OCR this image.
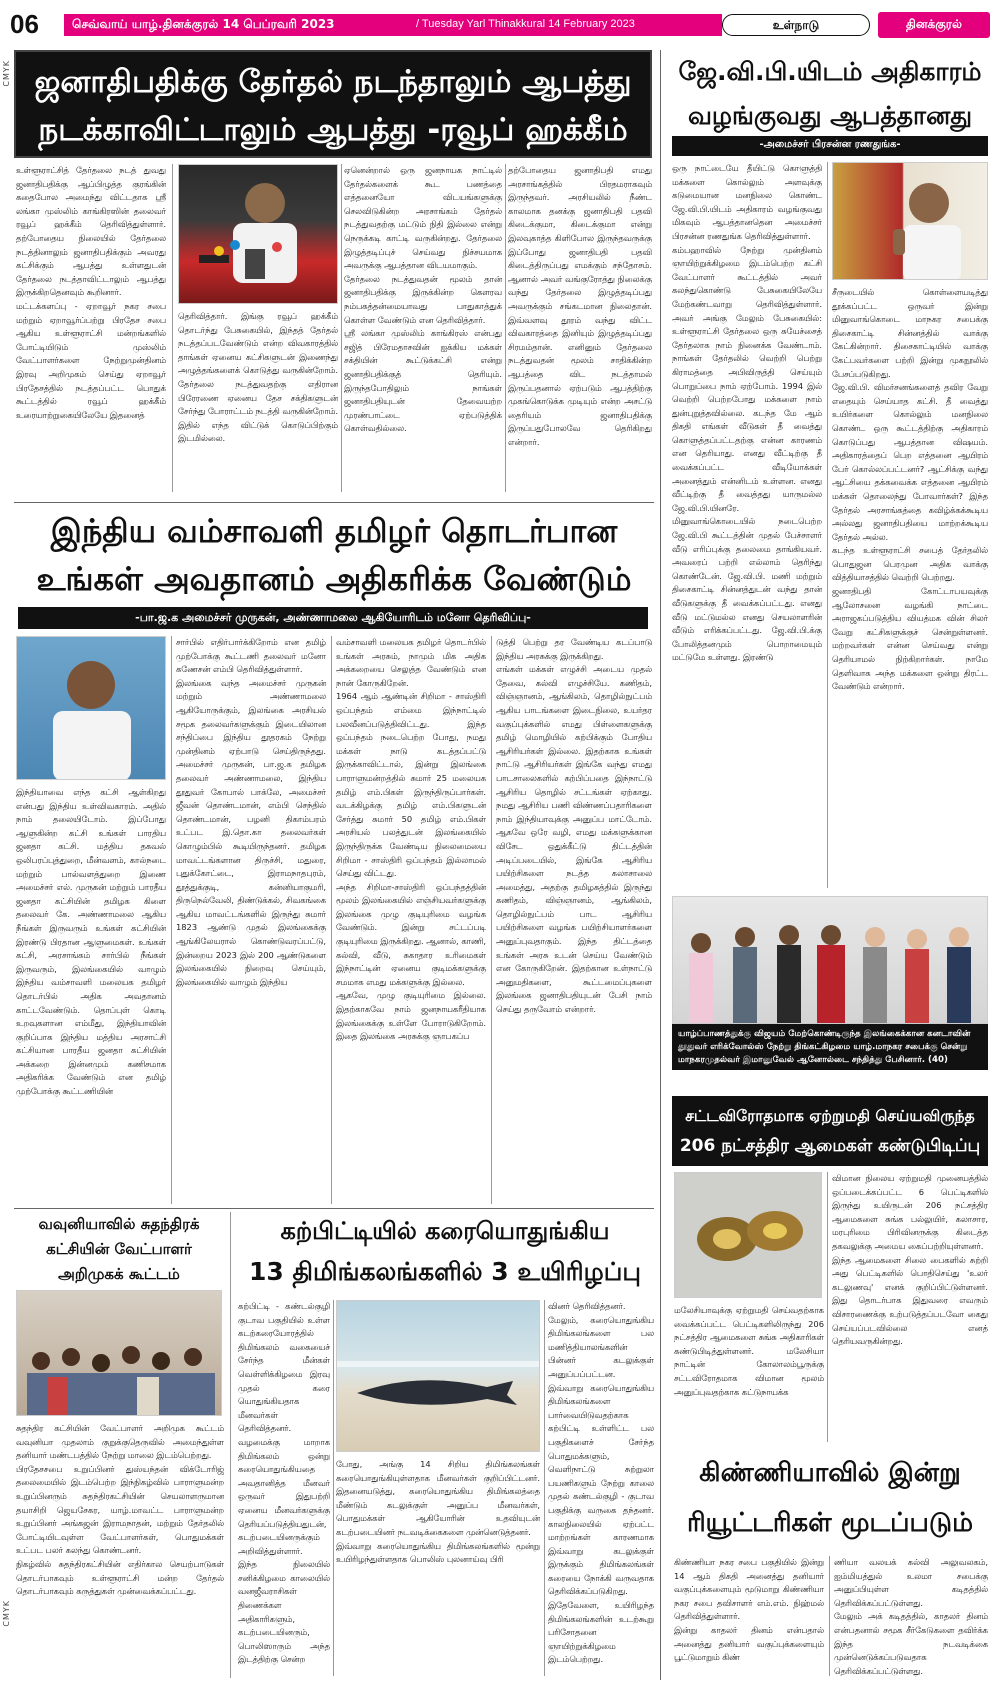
06	செவ்வாய் யாழ்.தினக்குரல் 14 பெப்ரவரி 2023	/ Tuesday Yarl Thinakkural 14 February 2023	உள்நாடு	தினக்குரல்
CMYK
CMYK
ஜனாதிபதிக்கு தேர்தல் நடந்தாலும் ஆபத்து
நடக்காவிட்டாலும் ஆபத்து -ரவூப் ஹக்கீம்
உள்ளூராட்சித் தேர்தலை நடத் துவது ஜனாதிபதிக்கு ஆப்பிழுத்த குரங்கின் கதைபோல அமைந்து விட்டதாக ஸ்ரீ லங்கா முஸ்லிம் காங்கிரஸின் தலைவர் ரவூப் ஹக்கீம் தெரிவித்துள்ளார். தற்போதைய நிலையில் தேர்தலை நடத்தினாலும் ஜனாதிபதிக்கும் அவரது கட்சிக்கும் ஆபத்து உள்ளதுடன் தேர்தலை நடத்தாவிட்டாலும் ஆபத்து இருக்கிறதெனவும் கூறினார்.
மட்டக்களப்பு - ஏறாவூர் நகர சபை மற்றும் ஏறாவூர்ப்பற்று பிரதேச சபை ஆகிய உள்ளூராட்சி மன்றங்களில் போட்டியிடும் முஸ்லிம் வேட்பாளர்களை நேற்றுமுன்தினம் இரவு அறிமுகம் செய்து ஏறாவூர் பிரதேசத்தில் நடத்தப்பட்ட பொதுக் கூட்டத்தில் ரவூப் ஹக்கீம் உரையாற்றுகையிலேயே இதனைத்
தெரிவித்தார். இங்கு ரவூப் ஹக்கீம் தொடர்ந்து பேசுகையில், இந்தத் தேர்தல் நடத்தப்படவேண்டும் என்ற விவகாரத்தில் தாங்கள் ஏனைய கட்சிகளுடன் இணைந்து அழுத்தங்களைக் கொடுத்து வருகின்றோம். தேர்தலை நடத்துவதற்கு எதிரான பிரேரணை ஏனைய தேச சக்திகளுடன் சேர்ந்து போராட்டம் நடத்தி வருகின்றோம். இதில் எந்த விட்டுக் கொடுப்பிற்கும் இடமில்லை.
ஏனென்றால் ஒரு ஜனநாயக நாட்டில் தேர்தல்களைக் கூட பணத்தை எத்தனையோ விடயங்களுக்கு செலவிடுகின்ற அரசாங்கம் தேர்தல் நடத்துவதற்கு மட்டும் நிதி இல்லை என்று நெருக்கடி காட்டி வருகின்றது. தேர்தலை இழுத்தடிப்புச் செய்வது நிச்சயமாக அவருக்கு ஆபத்தான விடயமாகும்.
தேர்தலை நடத்துவதன் மூலம் தான் ஜனாதிபதிக்கு இருக்கின்ற கௌரவ நம்பகத்தன்மையாவது பாதுகாத்துக் கொள்ள வேண்டும் என தெரிவித்தார்.
ஸ்ரீ லங்கா முஸ்லிம் காங்கிரஸ் என்பது சஜித் பிரேமதாசவின் ஐக்கிய மக்கள் சக்தியின் கூட்டுக்கட்சி என்று ஜனாதிபதிக்குத் தெரியும். இருந்தபோதிலும் நாங்கள் ஜனாதிபதியுடன் தேவையற்ற முரண்பாட்டை ஏற்படுத்திக் கொள்வதில்லை.
தற்போதைய ஜனாதிபதி எமது அரசாங்கத்தில் பிரதமராகவும் இருந்தவர். அரசியலில் நீண்ட காலமாக தனக்கு ஜனாதிபதி பதவி கிடைக்குமா, கிடைக்குமா என்று இலவுகாத்த கிளிபோல இருந்தவருக்கு இப்போது ஜனாதிபதி பதவி கிடைத்திருப்பது எமக்கும் சந்தோசம். ஆனால் அவர் வங்குரோத்து நிலைக்கு வந்து தேர்தலை இழுத்தடிப்பது அவருக்கும் சங்கடமான நிலைதான். இவ்வளவு தூரம் வந்து விட்ட விவகாரத்தை இனியும் இழுத்தடிப்பது சிரமம்தான். எனினும் தேர்தலை நடத்துவதன் மூலம் சாதிக்கின்ற ஆபத்தை விட நடத்தாமல் இருப்பதனால் ஏற்படும் ஆபத்திற்கு முகங்கொடுக்க முடியும் என்ற அசட்டு தைரியம் ஜனாதிபதிக்கு இருப்பதுபோலவே தெரிகிறது என்றார்.
ஜே.வி.பி.யிடம் அதிகாரம்
வழங்குவது ஆபத்தானது
-அமைச்சர் பிரசன்ன ரணதுங்க-
ஒரு நாட்டையே தீயிட்டு கொளுத்தி மக்களை கொல்லும் அளவுக்கு கடுமையான மனநிலை கொண்ட ஜே.வி.பி.யிடம் அதிகாரம் வழங்குவது மிகவும் ஆபத்தானதென அமைச்சர் பிரசன்ன ரணதுங்க தெரிவித்துள்ளார்.
கம்பஹாவில் நேற்று முன்தினம் ஞாயிற்றுக்கிழமை இடம்பெற்ற கட்சி வேட்பாளர் கூட்டத்தில் அவர் கலந்துகொண்டு பேசுகையிலேயே மேற்கண்டவாறு தெரிவித்துள்ளார். அவர் அங்கு மேலும் பேசுகையில்: உள்ளூராட்சி தேர்தலை ஒரு சுயேச்சைத் தேர்தலாக நாம் நினைக்க வேண்டாம். நாங்கள் தேர்தலில் வெற்றி பெற்று கிராமத்தை அபிவிருத்தி செய்யும் பொறுப்பை நாம் ஏற்போம். 1994 இல் வெற்றி பெற்றபோது மக்களை நாம் துன்புறுத்தவில்லை. கடந்த மே ஆம் திகதி எங்கள் வீடுகள் தீ வைத்து கொளுத்தப்பட்டதற்கு என்ன காரணம் என தெரியாது. எனது வீட்டிற்கு தீ வைக்கப்பட்ட வீடியோக்கள் அனைத்தும் என்னிடம் உள்ளன. எனது வீட்டிற்கு தீ வைத்தது யாருமல்ல ஜே.வி.பி.யினரே. மினுவாங்கொடையில் நடைபெற்ற ஜே.வி.பி கூட்டத்தின் முதல் பேச்சாளர் வீடு எரிப்புக்கு தலைமை தாங்கியவர். அவரைப் பற்றி எல்லாம் தெரிந்து கொண்டேன். ஜே.வி.பி. மணி மற்றும் திசைகாட்டி சின்னத்துடன் வந்து தான் வீடுகளுக்கு தீ வைக்கப்பட்டது. எனது வீடு மட்டுமல்ல எனது செயலாளரின் வீடும் எரிக்கப்பட்டது. ஜே.வி.பி.க்கு போலித்தனமும் பொறாமையும் மட்டுமே உள்ளது. இரண்டு
சீருடையில் கொள்ளையடித்து தூக்கப்பட்ட ஒருவர் இன்று மினுவாங்கொடை மாநகர சபைக்கு திசைகாட்டி சின்னத்தில் வாக்கு கேட்கின்றார். திசைகாட்டியில் வாக்கு கேட்பவர்களை பற்றி இன்று முகநூலில் பேசப்படுகிறது.
ஜே.வி.பி. விமர்சனங்களைத் தவிர வேறு எதையும் செய்யாத கட்சி. தீ வைத்து உயிர்களை கொல்லும் மனநிலை கொண்ட ஒரு கூட்டத்திற்கு அதிகாரம் கொடுப்பது ஆபத்தான விஷயம். அதிகாரத்தைப் பெற எத்தனை ஆயிரம் பேர் கொல்லப்பட்டனர்? ஆட்சிக்கு வந்து ஆட்சியை தக்கவைக்க எத்தனை ஆயிரம் மக்கள் தொலைந்து போவார்கள்? இந்த தேர்தல் அரசாங்கத்தை கவிழ்க்கக்கூடிய அல்லது ஜனாதிபதியை மாற்றக்கூடிய தேர்தல் அல்ல.
கடந்த உள்ளூராட்சி சபைத் தேர்தலில் பொதுஜன பெரமுன அதிக வாக்கு வித்தியாசத்தில் வெற்றி பெற்றது.
ஜனாதிபதி கோட்டாபயவுக்கு ஆலோசனை வழங்கி நாட்டை அராஜகப்படுத்திய வியத்மக வின் சிலர் வேறு கட்சிகளுக்குச் சென்றுள்ளனர். மற்றவர்கள் என்ன செய்வது என்று தெரியாமல் நிற்கிறார்கள். நாமே தெளிவாக அந்த மக்களை ஒன்று திரட்ட வேண்டும் என்றார்.
இந்திய வம்சாவளி தமிழர் தொடர்பான
உங்கள் அவதானம் அதிகரிக்க வேண்டும்
-பா.ஜ.க அமைச்சர் முருகன், அண்ணாமலை ஆகியோரிடம் மனோ தெரிவிப்பு-
இந்தியாவை எந்த கட்சி ஆள்கிறது என்பது இந்திய உள்விவகாரம். அதில் நாம் தலையிடோம். இப்போது ஆளுகின்ற கட்சி உங்கள் பாரதிய ஜனதா கட்சி. மத்திய தகவல் ஒலிபரப்புத்துறை, மீன்வளம், கால்நடை மற்றும் பால்வளத்துறை இணை அமைச்சர் எல். முருகன் மற்றும் பாரதீய ஜனதா கட்சியின் தமிழக கிளை தலைவர் கே. அண்ணாமலை ஆகிய நீங்கள் இருவரும் உங்கள் கட்சியின் இரண்டு பிரதான ஆளுமைகள். உங்கள் கட்சி, அரசாங்கம் சார்பில் நீங்கள் இருவரும், இலங்கையில் வாழும் இந்திய வம்சாவளி மலையக தமிழர் தொடர்பில் அதிக அவதானம் காட்டவேண்டும். தொப்புள் கொடி உறவுகளான எம்மீது, இந்தியாவின் குறிப்பாக இந்திய மத்திய அரசாட்சி கட்சியான பாரதீய ஜனதா கட்சியின் அக்கறை இன்னமும் கணிசமாக அதிகரிக்க வேண்டும் என தமிழ் முற்போக்கு கூட்டணியின்
சார்பில் எதிர்பார்க்கிறோம் என தமிழ் முற்போக்கு கூட்டணி தலைவர் மனோ கணேசன் எம்பி தெரிவித்துள்ளார்.
இலங்கை வந்த அமைச்சர் முருகன் மற்றும் அண்ணாமலை ஆகியோருக்கும், இலங்கை அரசியல் சமூக தலைவர்களுக்கும் இடையிலான சந்திப்பை இந்திய தூதரகம் நேற்று முன்தினம் ஏற்பாடு செய்திருந்தது. அமைச்சர் முருகன், பா.ஜ.க தமிழக தலைவர் அண்ணாமலை, இந்திய தூதுவர் கோபால் பாக்லே, அமைச்சர் ஜீவன் தொண்டமான், எம்பி செந்தில் தொண்டமான், பழனி திகாம்பரம் உட்பட இ.தொ.கா தலைவர்கள் கொழும்பில் கூடியிருந்தனர். தமிழக மாவட்டங்களான திருச்சி, மதுரை, புதுக்கோட்டை, இராமநாதபுரம், தூத்துக்குடி, கன்னியாகுமரி, திருநெல்வேலி, திண்டுக்கல், சிவகங்கை ஆகிய மாவட்டங்களில் இருந்து சுமார் 1823 ஆண்டு முதல் இலங்கைக்கு ஆங்கிலேயரால் கொண்டுவரப்பட்டு, இன்றைய 2023 இல் 200 ஆண்டுகளை இலங்கையில் நிறைவு செய்யும், இலங்கையில் வாழும் இந்திய
வம்சாவளி மலையக தமிழர் தொடர்பில் உங்கள் அரசும், நாமும் மிக அதிக அக்கறையை செலுத்த வேண்டும் என நான் கோருகிறேன்.
1964 ஆம் ஆண்டின் சிறிமா - சாஸ்திரி ஒப்பந்தம் எம்மை இந்நாட்டில் பலவீனப்படுத்திவிட்டது. இந்த ஒப்பந்தம் நடைபெற்ற போது, நமது மக்கள் நாடு கடத்தப்பட்டு இருக்காவிட்டால், இன்று இலங்கை பாராளுமன்றத்தில் சுமார் 25 மலையக தமிழ் எம்.பிகள் இருந்திருப்பார்கள். வடக்கிழக்கு தமிழ் எம்.பிகளுடன் சேர்த்து சுமார் 50 தமிழ் எம்.பிகள் அரசியல் பலத்துடன் இலங்கையில் இருந்திருக்க வேண்டிய நிலைமையை சிறிமா - சாஸ்திரி ஒப்பந்தம் இல்லாமல் செய்து விட்டது.
அந்த சிறிமா-சாஸ்திரி ஒப்பந்தத்தின் மூலம் இலங்கையில் எஞ்சியவர்களுக்கு இலங்கை முழு குடியுரிமை வழங்க வேண்டும். இன்று சட்டப்படி குடியுரிமை இருக்கிறது. ஆனால், காணி, கல்வி, வீடு, சுகாதார உரிமைகள் இந்நாட்டின் ஏனைய குடிமக்களுக்கு சமமாக எமது மக்களுக்கு இல்லை.
ஆகவே, முழு குடியுரிமை இல்லை. இதற்காகவே நாம் ஜனநாயகரீதியாக இலங்கைக்கு உள்ளே போராடுகிறோம். இதை இலங்கை அரசுக்கு ஞாபகப்ப
டுத்தி பெற்று தர வேண்டிய கடப்பாடு இந்திய அரசுக்கு இருக்கிறது.
எங்கள் மக்கள் எழுச்சி அடைய முதல் தேவை, கல்வி எழுச்சியே. கணிதம், விஞ்ஞானம், ஆங்கிலம், தொழில்நுட்பம் ஆகிய பாடங்களை இடைநிலை, உயர்தர வகுப்புக்களில் எமது பிள்ளைகளுக்கு தமிழ் மொழியில் கற்பிக்கும் போதிய ஆசிரியர்கள் இல்லை. இதற்காக உங்கள் நாட்டு ஆசிரியர்கள் இங்கே வந்து எமது பாடசாலைகளில் கற்பிப்பதை இந்நாட்டு ஆசிரிய தொழில் சட்டங்கள் ஏற்காது. நமது ஆசிரிய பணி விண்ணப்பதாரிகளை நாம் இந்தியாவுக்கு அனுப்ப மாட்டோம். ஆகவே ஒரே வழி, எமது மக்களுக்கான விசேட ஒதுக்கீட்டு திட்டத்தின் அடிப்படையில், இங்கே ஆசிரிய பயிற்சிகளை நடத்த கலாசாலை அமைத்து, அதற்கு தமிழகத்தில் இருந்து கணிதம், விஞ்ஞானம், ஆங்கிலம், தொழில்நுட்பம் பாட ஆசிரிய பயிற்சிகளை வழங்க பயிற்சியாளர்களை அனுப்புவதாகும். இந்த திட்டத்தை உங்கள் அரசு உடன் செய்ய வேண்டும் என கோருகிறேன். இதற்கான உள்நாட்டு அனுமதிகளை, கூட்டமைப்புகளை இலங்கை ஜனாதிபதியுடன் பேசி நாம் செய்து தருவோம் என்றார்.
யாழ்ப்பாணத்துக்கு விஜயம் மேற்கொண்டிருந்த இலங்கைக்கான கனடாவின் தூதுவர் எரிக்வோல்ஸ் நேற்று திங்கட்கிழமை யாழ்.மாநகர சபைக்கு சென்று மாநகரமுதல்வர் இமானுவேல் ஆனோல்டை சந்தித்து பேசினார். (40)
சட்டவிரோதமாக ஏற்றுமதி செய்யவிருந்த
206 நட்சத்திர ஆமைகள் கண்டுபிடிப்பு
மலேசியாவுக்கு ஏற்றுமதி செய்வதற்காக வைக்கப்பட்ட பெட்டிகளிலிருந்து 206 நட்சத்திர ஆமைகளை சுங்க அதிகாரிகள் கண்டுபிடித்துள்ளனர். மலேசியா நாட்டின் கோலாலம்பூருக்கு சட்டவிரோதமாக விமான மூலம் அனுப்புவதற்காக கட்டுநாயக்க
விமான நிலைய ஏற்றுமதி முனையத்தில் ஒப்படைக்கப்பட்ட 6 பெட்டிகளில் இருந்து உயிருடன் 206 நட்சத்திர ஆமைகளை சுங்க பல்லுயிர், கலாசார, மரபுரிமை பிரிவினருக்கு கிடைத்த தகவலுக்கு அமைய கைப்பற்றியுள்ளனர்.
இந்த ஆமைகளை சிலை பைகளில் சுற்றி அது பெட்டிகளில் பொதிசெய்து 'உலர் கடலுணவு' எனக் குறிப்பிட்டுள்ளனர். இது தொடர்பாக இதுவரை எவரும் விசாரணைக்கு உற்படுத்தப்படவோ கைது செய்யப்படவில்லை எனத் தெரியவருகின்றது.
கிண்ணியாவில் இன்று
ரியூட்டரிகள் மூடப்படும்
கிண்ணியா நகர சபை பகுதியில் இன்று 14 ஆம் திகதி அனைத்து தனியார் வகுப்புக்களையும் மூடுமாறு கிண்ணியா நகர சபை தவிசாளர் எம்.எம். நிஹ்மல் தெரிவித்துள்ளார்.
இன்று காதலர் தினம் என்பதால் அனைத்து தனியார் வகுப்புக்களையும் பூட்டுமாறும் கிண்
ணியா வலயக் கல்வி அலுவலகம், ஐம்மியத்துல் உலமா சபைக்கு அனுப்பியுள்ள கடிதத்தில் தெரிவிக்கப்பட்டுள்ளது.
மேலும் அக் கடிதத்தில், காதலர் தினம் என்பதனால் சமூக சீர்கேடுகளை தவிர்க்க இந்த நடவடிக்கை முன்னெடுக்கப்படுவதாக தெரிவிக்கப்பட்டுள்ளது.
வவுனியாவில் சுதந்திரக்
கட்சியின் வேட்பாளர்
அறிமுகக் கூட்டம்
சுதந்திர கட்சியின் வேட்பாளர் அறிமுக கூட்டம் வவுனியா முதலாம் குறுக்குதெருவில் அமைந்துள்ள தனியார் மண்டபத்தில் நேற்று மாலை இடம்பெற்றது.
பிரதேசசபை உறுப்பினர் துஸ்யந்தன் விக்டோரிஜ் தலைமையில் இடம்பெற்ற இந்நிகழ்வில் பாராளுமன்ற உறுப்பினரும் சுதந்திரகட்சியின் செயலாளருமான தயாசிறி ஜெயசேகர, யாழ்.மாவட்ட பாராளுமன்ற உறுப்பினர் அங்கஜன் இராமநாதன், மற்றும் தேர்தலில் போட்டியிடவுள்ள வேட்பாளர்கள், பொதுமக்கள் உட்பட பலர் கலந்து கொண்டனர்.
நிகழ்வில் சுதந்திரகட்சியின் எதிர்கால செயற்பாடுகள் தொடர்பாகவும் உள்ளூராட்சி மன்ற தேர்தல் தொடர்பாகவும் கருத்துகள் முன்வைக்கப்பட்டது.
கற்பிட்டியில் கரையொதுங்கிய
13 திமிங்கலங்களில் 3 உயிரிழப்பு
கற்பிட்டி - கண்டல்குழி குடாவ பகுதியில் உள்ள கடற்கரையோரத்தில் திமிங்கலம் வகையைச் சேர்ந்த மீன்கள் வெள்ளிக்கிழமை இரவு முதல் கரை யொதுங்கியதாக மீனவர்கள் தெரிவித்தனர்.
வழமைக்கு மாறாக திமிங்கலம் ஒன்று கரையொதுங்கியதை அவதானித்த மீனவர் ஒருவர் இதுபற்றி ஏனைய மீனவர்களுக்கு தெரியப்படுத்தியதுடன், கடற்படையினருக்கும் அறிவித்துள்ளார்.
இந்த நிலையில் சனிக்கிழமை காலையில் வனஜீவராசிகள் திணைக்கள அதிகாரிகளும், கடற்படையினரும், பொலிஸாரும் அந்த இடத்திற்கு சென்ற
போது, அங்கு 14 சிறிய திமிங்கலங்கள் கரையொதுங்கியுள்ளதாக மீனவர்கள் குறிப்பிட்டனர். இதனையடுத்து, கரையொதுங்கிய திமிங்கலத்தை மீண்டும் கடலுக்குள் அனுப்ப மீனவர்கள், பொதுமக்கள் ஆகியோரின் உதவியுடன் கடற்படையினர் நடவடிக்கைகளை முன்னெடுத்தனர்.
இவ்வாறு கரையொதுங்கிய திமிங்கலங்களில் மூன்று உயிரிழந்துள்ளதாக பொலிஸ் புலனாய்வு பிரி
வினர் தெரிவித்தனர்.
மேலும், கரையொதுங்கிய திமிங்கலங்களை பல மணித்தியாலங்களின் பின்னர் கடலுக்குள் அனுப்பப்பட்டன.
இவ்வாறு கரையொதுங்கிய திமிங்கலங்களை பார்வையிடுவதற்காக கற்பிட்டி உள்ளிட்ட பல பகுதிகளைச் சேர்ந்த பொதுமக்களும், வெளிநாட்டு சுற்றுலா பயணிகளும் நேற்று காலை முதல் கண்டல்குழி - குடாவ பகுதிக்கு வருகை தந்தனர். காலநிலையில் ஏற்பட்ட மாற்றங்கள் காரணமாக இவ்வாறு கடலுக்குள் இருக்கும் திமிங்கலங்கள் கரையை நோக்கி வருவதாக தெரிவிக்கப்படுகிறது.
இதேவேளை, உயிரிழந்த திமிங்கலங்களின் உடற்கூறு பரிசோதனை ஞாயிற்றுக்கிழமை இடம்பெற்றது.
